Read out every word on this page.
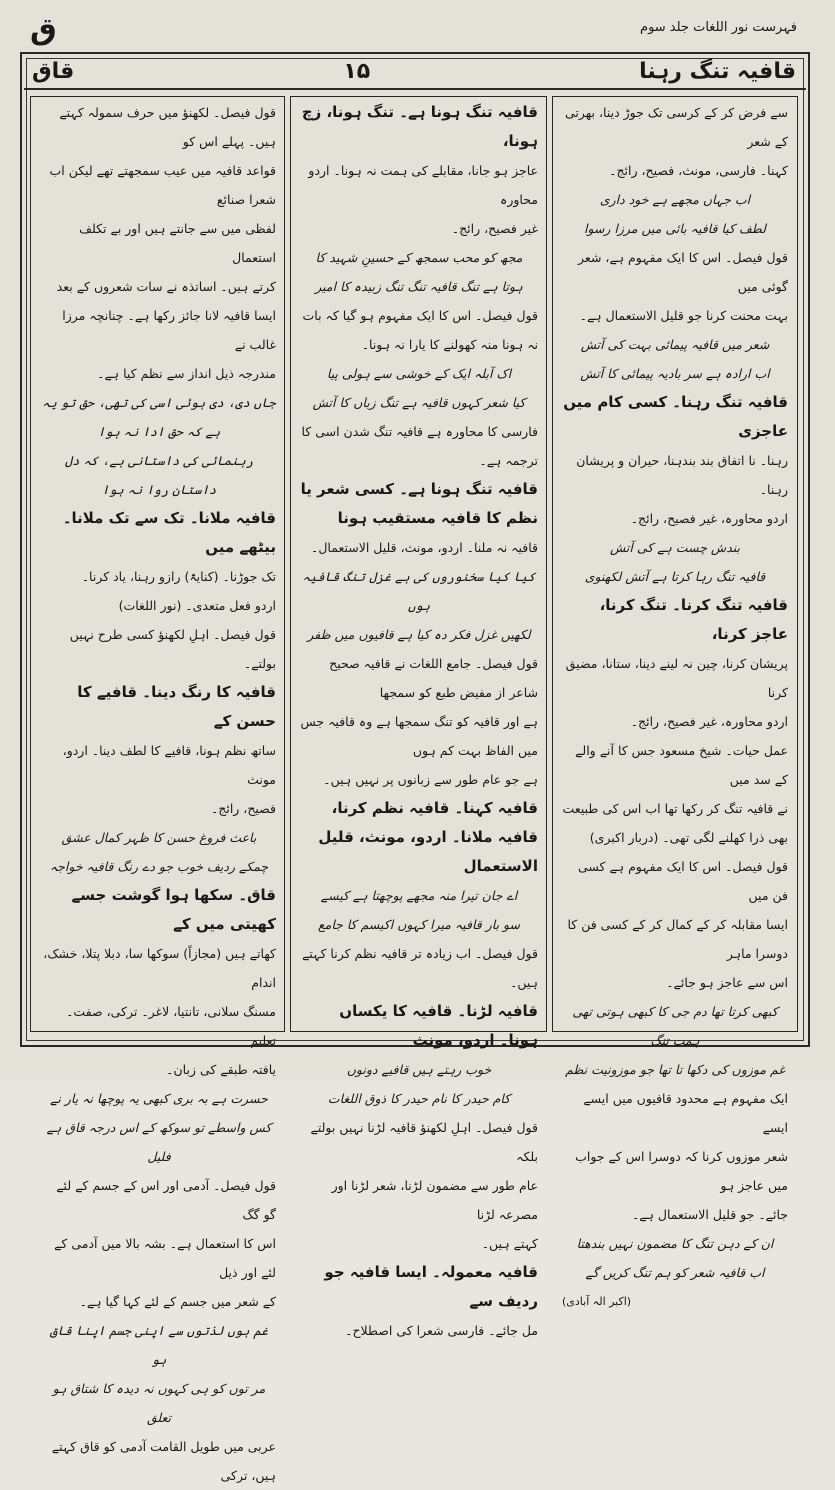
ق	فہرست نور اللغات جلد سوم
قاق	۱۵	قافیہ تنگ رہنا

سے فرض کر کے کرسی تک جوڑ دینا، بھرتی کے شعر

کہنا۔ فارسی، مونث، فصیح، رائج۔

اب جہاں مجھے ہے خود داری

لطف کیا قافیہ بائی میں مرزا رسوا

قول فیصل۔ اس کا ایک مفہوم ہے، شعر گوئی میں

بہت محنت کرنا جو قلیل الاستعمال ہے۔

شعر میں قافیہ پیمائی بہت کی آتش

اب ارادہ ہے سر بادیہ پیمائی کا آتش

قافیہ تنگ رہنا۔ کسی کام میں عاجزی

رہنا۔ نا اتفاق بند بندہنا، حیران و پریشان رہنا۔

اردو محاورہ، غیر فصیح، رائج۔

بندش چست ہے کی آتش

قافیہ تنگ رہا کرتا ہے آتش لکھنوی

قافیہ تنگ کرنا۔ تنگ کرنا، عاجز کرنا،

پریشان کرنا، چین نہ لینے دینا، ستانا، مضیق کرنا

اردو محاورہ، غیر فصیح، رائج۔

عمل حیات۔ شیخ مسعود جس کا آنے والے کے سد میں

نے قافیہ تنگ کر رکھا تھا اب اس کی طبیعت

بھی ذرا کھلنے لگی تھی۔ (دربار اکبری)

قول فیصل۔ اس کا ایک مفہوم ہے کسی فن میں

ایسا مقابلہ کر کے کمال کر کے کسی فن کا دوسرا ماہر

اس سے عاجز ہو جائے۔

کبھی کرتا تھا دم جی کا کبھی ہوتی تھی ہمت تنگ

غم موزوں کی دکھا تا تھا جو موزونیت نظم

ایک مفہوم ہے محدود قافیوں میں ایسے ایسے

شعر موزوں کرنا کہ دوسرا اس کے جواب میں عاجز ہو

جائے۔ جو قلیل الاستعمال ہے۔

ان کے دہن تنگ کا مضمون نہیں بندھتا

اب قافیہ شعر کو ہم تنگ کریں گے

(اکبر الہ آبادی)

قافیہ تنگ ہونا ہے۔ تنگ ہونا، زچ ہونا،

عاجز ہو جانا، مقابلے کی ہمت نہ ہونا۔ اردو محاورہ

غیر فصیح، رائج۔

مجھ کو محب سمجھ کے حسینِ شہید کا

ہوتا ہے تنگ قافیہ تنگ تنگ زبیدہ کا امیر

قول فیصل۔ اس کا ایک مفہوم ہو گیا کہ بات

نہ ہونا منہ کھولنے کا یارا نہ ہونا۔

اک آبلہ ایک کے خوشی سے ہولی پیا

کیا شعر کہوں قافیہ ہے تنگ زباں کا آتش

فارسی کا محاورہ ہے قافیہ تنگ شدن اسی کا ترجمہ ہے۔

قافیہ تنگ ہونا ہے۔ کسی شعر یا نظم کا قافیہ مستقیب ہونا

قافیہ نہ ملنا۔ اردو، مونث، قلیل الاستعمال۔

کیا کیا سخنوروں کی ہے غزل تنگ قافیہ ہوں

لکھیں غزل فکر دہ کیا ہے قافیوں میں ظفر

قول فیصل۔ جامع اللغات نے قافیہ صحیح شاعر از مفیض طبع کو سمجھا

ہے اور قافیہ کو تنگ سمجھا ہے وہ قافیہ جس میں الفاظ بہت کم ہوں

ہے جو عام طور سے زبانوں پر نہیں ہیں۔

قافیہ کہنا۔ قافیہ نظم کرنا، قافیہ ملانا۔ اردو، مونث، قلیل الاستعمال

اے جان تیرا منہ مجھے پوچھتا ہے کیسے

سو بار قافیہ میرا کہوں اکیسم کا جامع

قول فیصل۔ اب زیادہ تر قافیہ نظم کرنا کہتے ہیں۔

قافیہ لڑنا۔ قافیہ کا یکساں ہونا۔ اردو، مونث

خوب رہتے ہیں قافیے دونوں

کام حیدر کا نام حیدر کا ذوق اللغات

قول فیصل۔ اہلِ لکھنؤ قافیہ لڑنا نہیں بولتے بلکہ

عام طور سے مضمون لڑنا، شعر لڑنا اور مصرعہ لڑنا

کہتے ہیں۔

قافیہ معمولہ۔ ایسا قافیہ جو ردیف سے

مل جائے۔ فارسی شعرا کی اصطلاح۔

قول فیصل۔ لکھنؤ میں حرف سمولہ کہتے ہیں۔ پہلے اس کو

قواعد قافیہ میں عیب سمجھتے تھے لیکن اب شعرا صنائع

لفظی میں سے جانتے ہیں اور بے تکلف استعمال

کرتے ہیں۔ اساتذہ نے سات شعروں کے بعد

ایسا قافیہ لانا جائز رکھا ہے۔ چنانچہ مرزا غالب نے

مندرجہ ذیل انداز سے نظم کیا ہے۔

جاں دی، دی ہوئی اسی کی تھی، حق تو یہ ہے کہ حق ادا نہ ہوا

رہنمائی کی داستانی ہے، کہ دل داستان روا نہ ہوا

قافیہ ملانا۔ تک سے تک ملانا۔ بیٹھے میں

تک جوڑنا۔ (کنایۃً) رازو رہنا، یاد کرنا۔

اردو فعل متعدی۔ (نور اللغات)

قول فیصل۔ اہلِ لکھنؤ کسی طرح نہیں بولتے۔

قافیہ کا رنگ دینا۔ قافیے کا حسن کے

ساتھ نظم ہونا، قافیے کا لطف دینا۔ اردو، مونث

فصیح، رائج۔

باعث فروغ حسن کا ظہر کمال عشق

چمکے ردیف خوب جو دے رنگ قافیہ خواجہ

قاق۔ سکھا ہوا گوشت جسے کھیتی میں کے

کھاتے ہیں (مجازاً) سوکھا سا، دبلا پتلا، خشک، اندام

مسنگ سلانی، تانتیا، لاغر۔ ترکی، صفت۔ تعلیم

یافتہ طبقے کی زبان۔

حسرت ہے بہ بری کبھی یہ پوچھا نہ یار نے

کس واسطے تو سوکھ کے اس درجہ قاق ہے فلیل

قول فیصل۔ آدمی اور اس کے جسم کے لئے گو گگ

اس کا استعمال ہے۔ بشہ بالا میں آدمی کے لئے اور ذیل

کے شعر میں جسم کے لئے کہا گیا ہے۔

غم ہوں لذتوں سے اپنی جسم اپنا قاق ہو

مر توں کو ہی کہوں نہ دیدہ کا شتاق ہو تعلق

عربی میں طویل القامت آدمی کو قاق کہتے ہیں، ترکی
